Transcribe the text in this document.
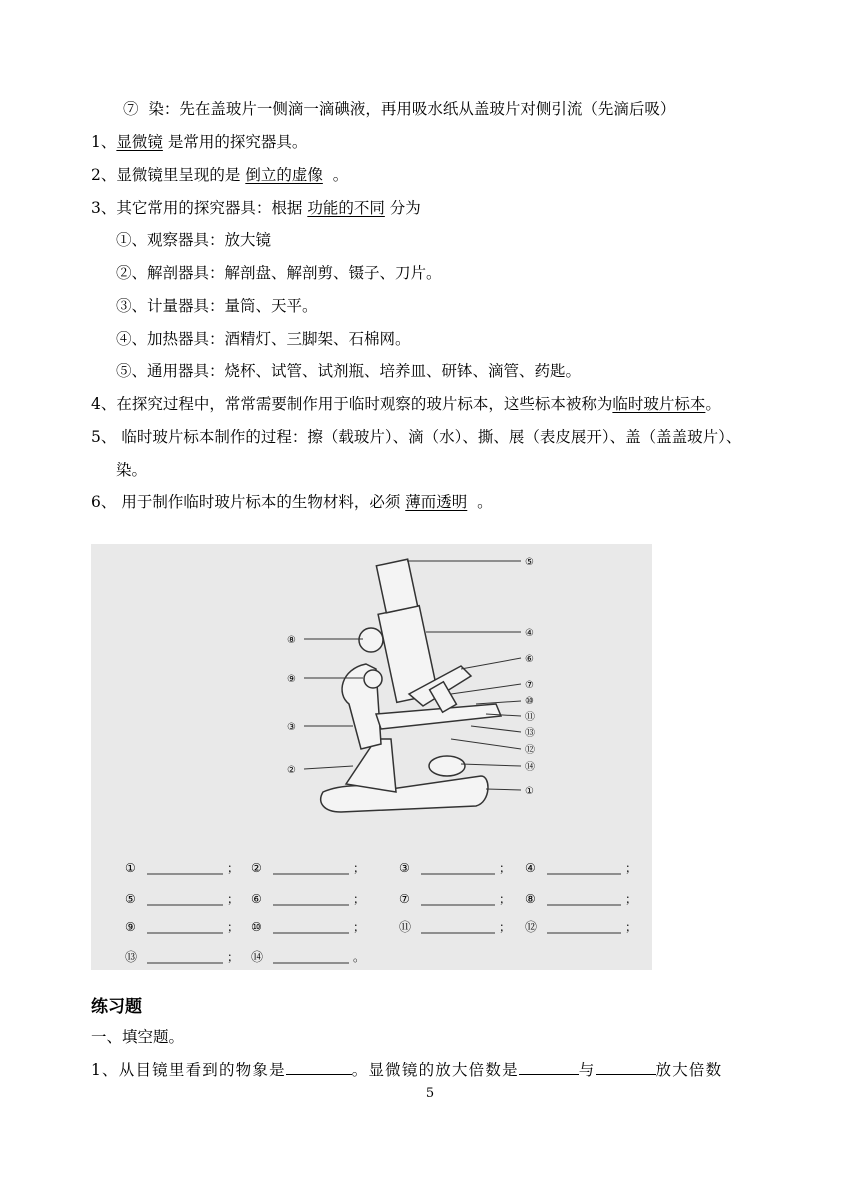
⑦ 染：先在盖玻片一侧滴一滴碘液，再用吸水纸从盖玻片对侧引流（先滴后吸）
1、显微镜 是常用的探究器具。
2、显微镜里呈现的是 倒立的虚像 。
3、其它常用的探究器具：根据 功能的不同 分为
①、观察器具：放大镜
②、解剖器具：解剖盘、解剖剪、镊子、刀片。
③、计量器具：量筒、天平。
④、加热器具：酒精灯、三脚架、石棉网。
⑤、通用器具：烧杯、试管、试剂瓶、培养皿、研钵、滴管、药匙。
4、在探究过程中，常常需要制作用于临时观察的玻片标本，这些标本被称为临时玻片标本。
5、 临时玻片标本制作的过程：擦（载玻片）、滴（水）、撕、展（表皮展开）、盖（盖盖玻片）、
染。
6、 用于制作临时玻片标本的生物材料，必须 薄而透明 。
⑤
④
⑥
⑦
⑩
⑪
⑬
⑫
⑭
①
⑧
⑨
③
②
①	； ②	；	③	； ④	；
⑤	； ⑥	；	⑦	； ⑧	；
⑨	； ⑩	；	⑪	； ⑫	；
⑬	； ⑭	。
练习题
一、填空题。
1、从目镜里看到的物象是	。显微镜的放大倍数是	与	放大倍数
5
